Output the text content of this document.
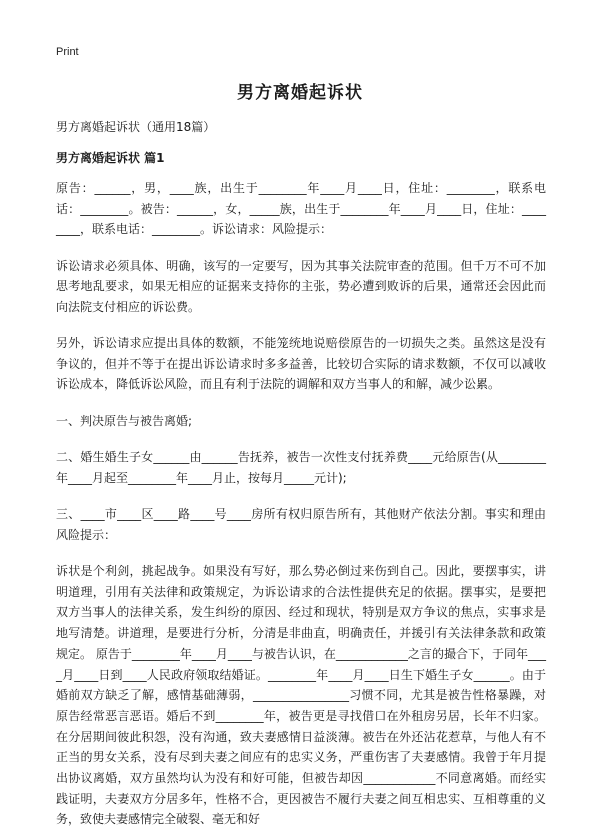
Print
男方离婚起诉状
男方离婚起诉状（通用18篇）
男方离婚起诉状 篇1

原告：______，男，____族，出生于________年____月____日，住址：________，联系电话：________。被告：______，女，_____族，出生于________年____月____日，住址：________，联系电话：________。诉讼请求：风险提示：

诉讼请求必须具体、明确，该写的一定要写，因为其事关法院审查的范围。但千万不可不加思考地乱要求，如果无相应的证据来支持你的主张，势必遭到败诉的后果，通常还会因此而向法院支付相应的诉讼费。

另外，诉讼请求应提出具体的数额，不能笼统地说赔偿原告的一切损失之类。虽然这是没有争议的，但并不等于在提出诉讼请求时多多益善，比较切合实际的请求数额，不仅可以减收诉讼成本，降低诉讼风险，而且有利于法院的调解和双方当事人的和解，减少讼累。

一、判决原告与被告离婚;

二、婚生婚生子女______由______告抚养，被告一次性支付抚养费____元给原告(从________年____月起至________年____月止，按每月_____元计);

三、____市____区____路____号____房所有权归原告所有，其他财产依法分割。事实和理由风险提示：

诉状是个利剑，挑起战争。如果没有写好，那么势必倒过来伤到自己。因此，要摆事实，讲明道理，引用有关法律和政策规定，为诉讼请求的合法性提供充足的依据。摆事实，是要把双方当事人的法律关系，发生纠纷的原因、经过和现状，特别是双方争议的焦点，实事求是地写清楚。讲道理，是要进行分析，分清是非曲直，明确责任，并援引有关法律条款和政策规定。 原告于________年____月____与被告认识，在____________之言的撮合下，于同年____月____日到____人民政府领取结婚证。________年____月____日生下婚生子女______。由于婚前双方缺乏了解，感情基础薄弱，________________习惯不同，尤其是被告性格暴躁，对原告经常恶言恶语。婚后不到________年，被告更是寻找借口在外租房另居，长年不归家。在分居期间彼此积怨，没有沟通，致夫妻感情日益淡薄。被告在外还沾花惹草，与他人有不正当的男女关系，没有尽到夫妻之间应有的忠实义务，严重伤害了夫妻感情。我曾于年月提出协议离婚，双方虽然均认为没有和好可能，但被告却因____________不同意离婚。而经实践证明，夫妻双方分居多年，性格不合，更因被告不履行夫妻之间互相忠实、互相尊重的义务，致使夫妻感情完全破裂、毫无和好
